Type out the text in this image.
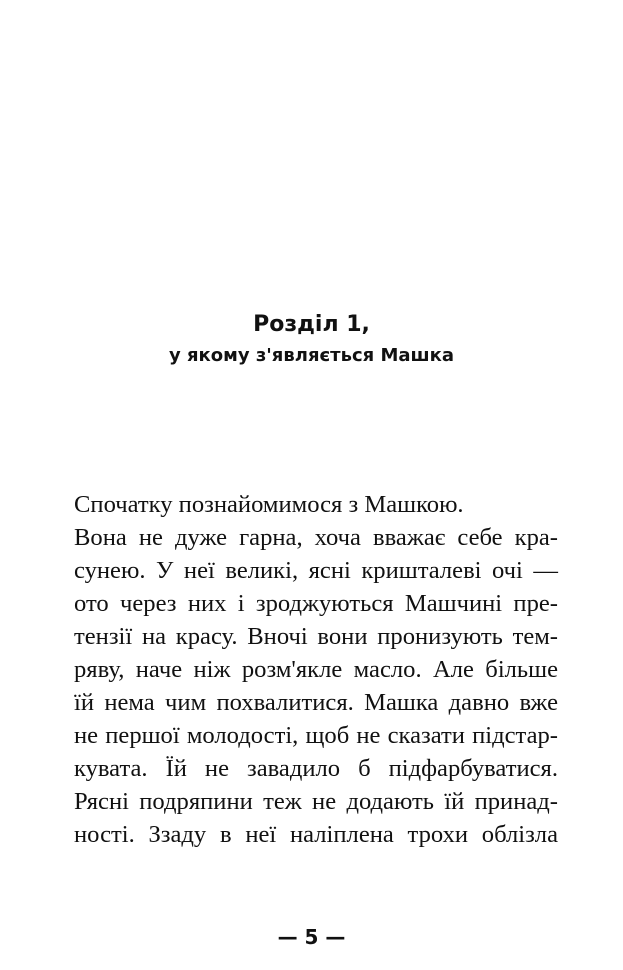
Розділ 1,
у якому з'являється Машка
Спочатку познайомимося з Машкою.
Вона не дуже гарна, хоча вважає себе кра-
сунею. У неї великі, ясні кришталеві очі —
ото через них і зроджуються Машчині пре-
тензії на красу. Вночі вони пронизують тем-
ряву, наче ніж розм'якле масло. Але більше
їй нема чим похвалитися. Машка давно вже
не першої молодості, щоб не сказати підстар-
кувата. Їй не завадило б підфарбуватися.
Рясні подряпини теж не додають їй принад-
ності. Ззаду в неї наліплена трохи облізла
— 5 —
